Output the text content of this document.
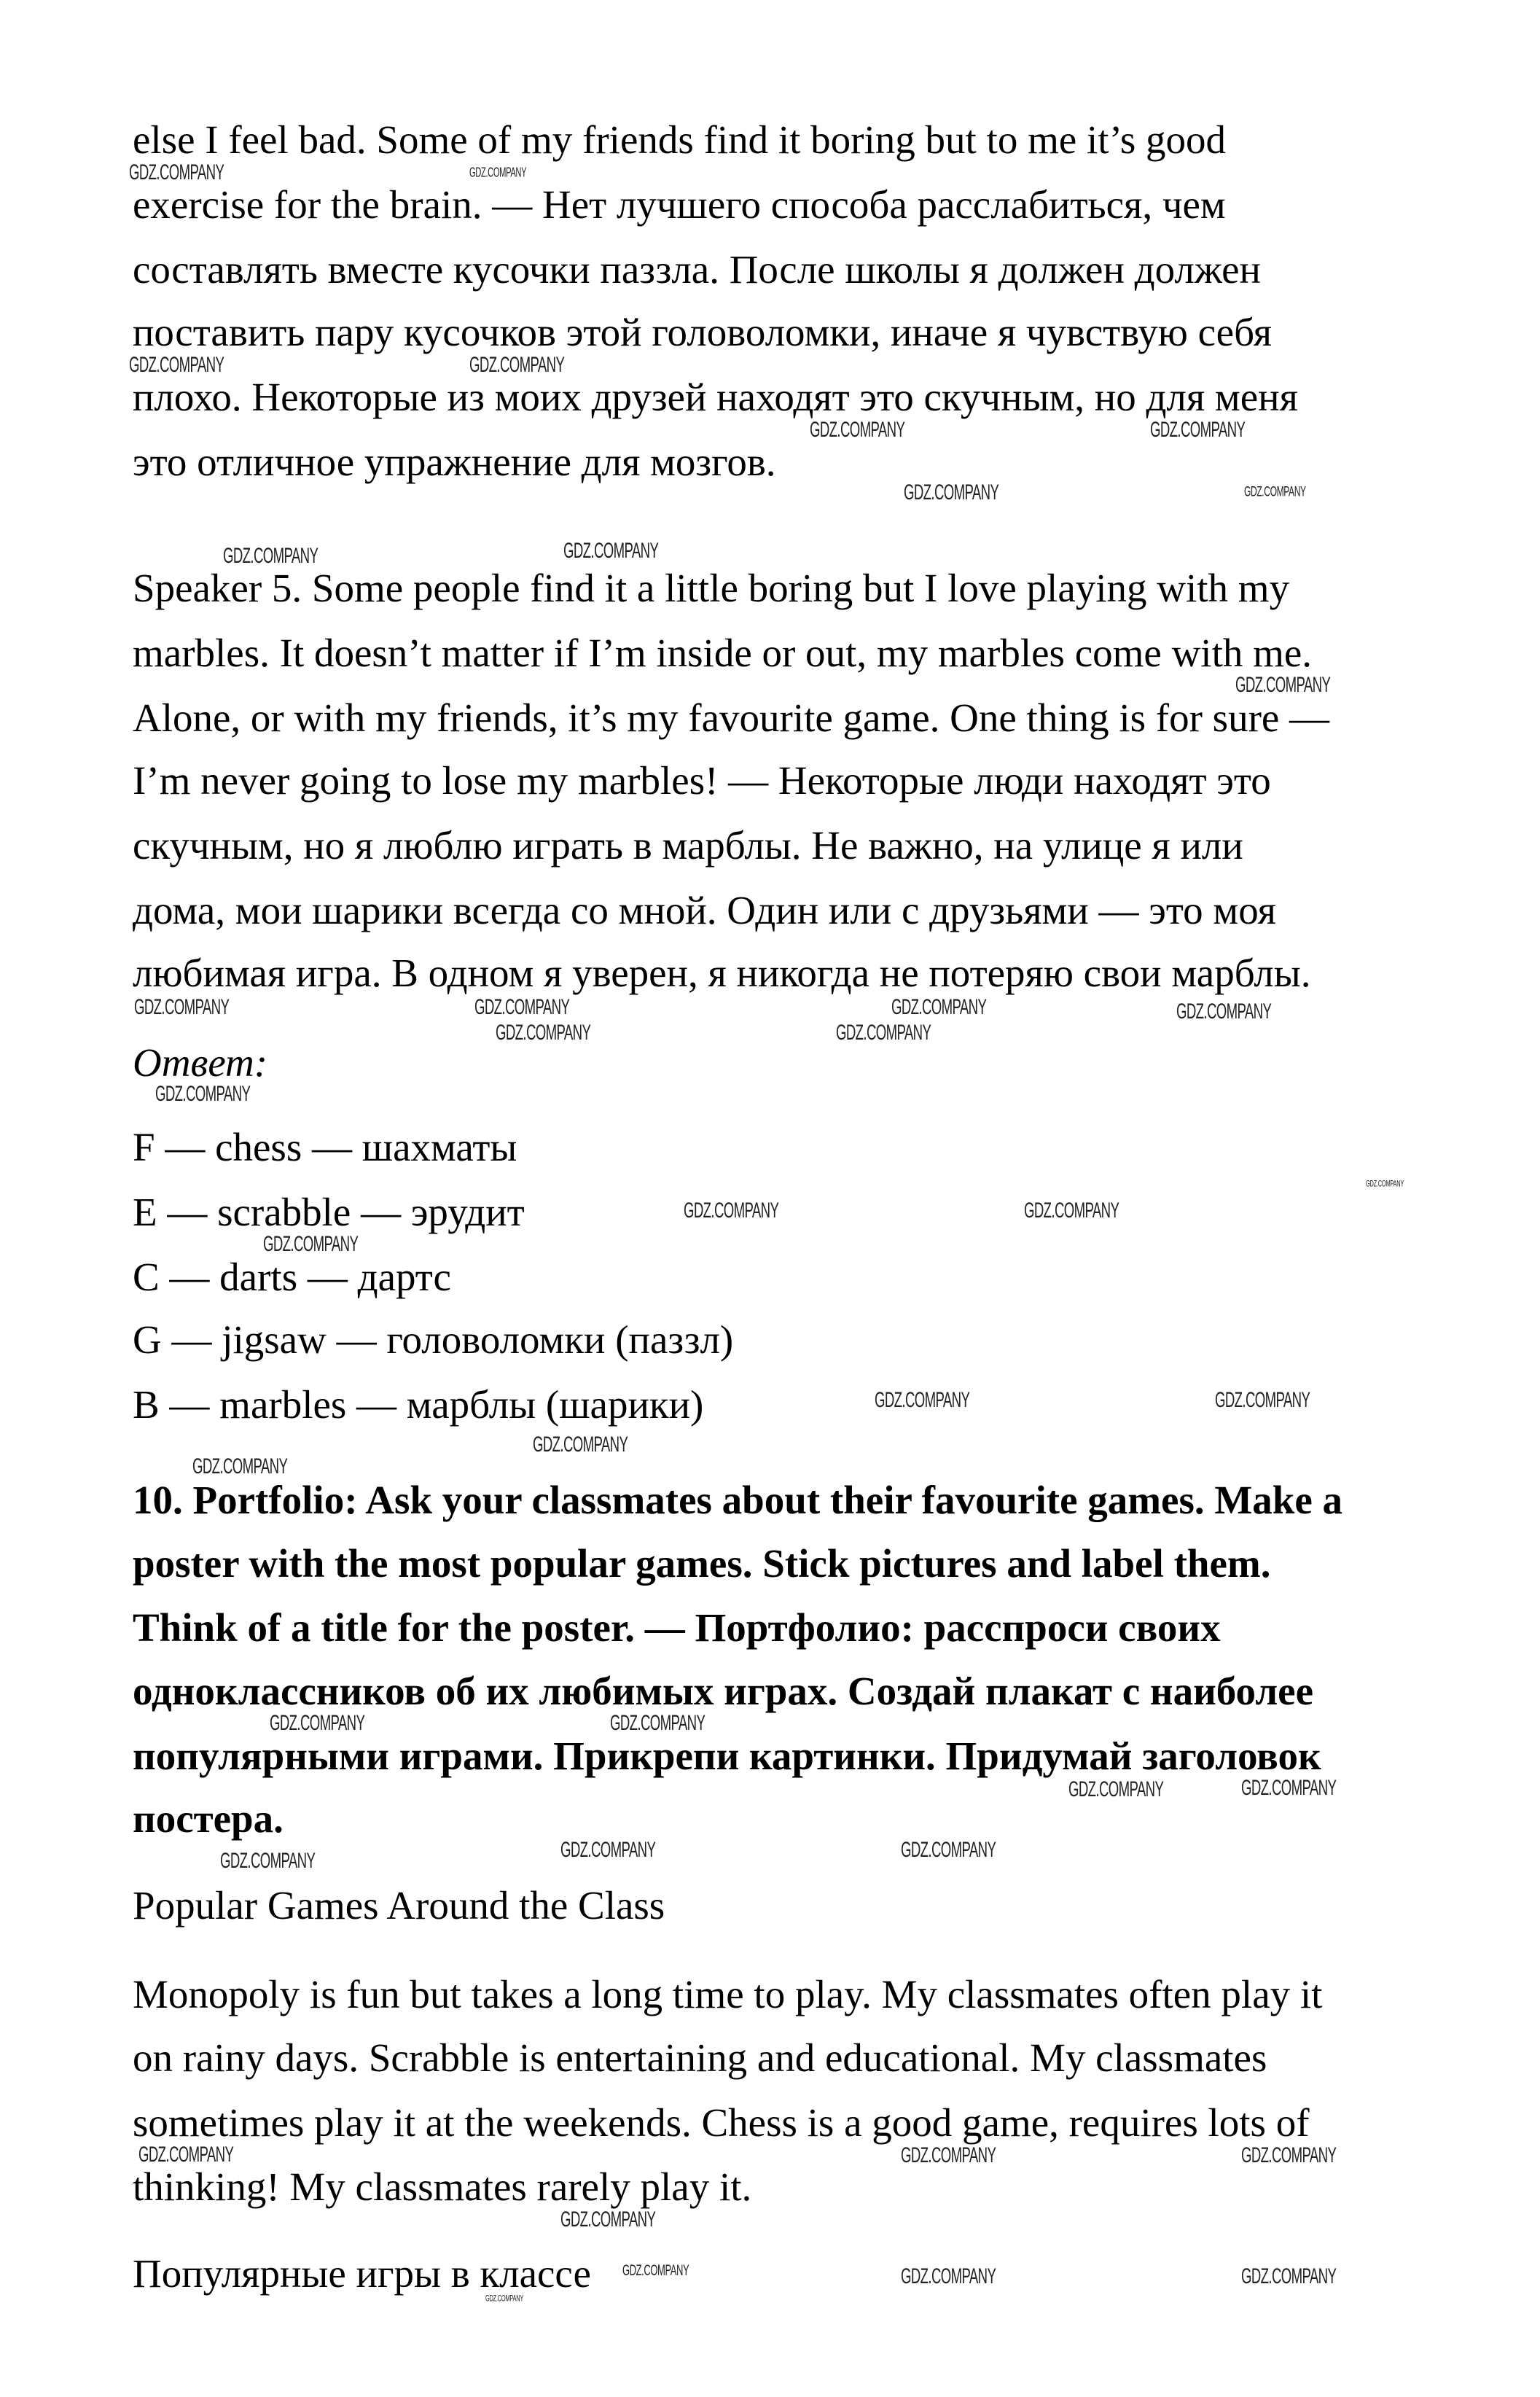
else I feel bad. Some of my friends find it boring but to me it’s good
exercise for the brain. — Нет лучшего способа расслабиться, чем
составлять вместе кусочки паззла. После школы я должен должен
поставить пару кусочков этой головоломки, иначе я чувствую себя
плохо. Некоторые из моих друзей находят это скучным, но для меня
это отличное упражнение для мозгов.
Speaker 5. Some people find it a little boring but I love playing with my
marbles. It doesn’t matter if I’m inside or out, my marbles come with me.
Alone, or with my friends, it’s my favourite game. One thing is for sure —
I’m never going to lose my marbles! — Некоторые люди находят это
скучным, но я люблю играть в марблы. Не важно, на улице я или
дома, мои шарики всегда со мной. Один или с друзьями — это моя
любимая игра. В одном я уверен, я никогда не потеряю свои марблы.
Ответ:
F — chess — шахматы
E — scrabble — эрудит
C — darts — дартс
G — jigsaw — головоломки (паззл)
B — marbles — марблы (шарики)
10. Portfolio: Ask your classmates about their favourite games. Make a
poster with the most popular games. Stick pictures and label them.
Think of a title for the poster. — Портфолио: расспроси своих
одноклассников об их любимых играх. Создай плакат с наиболее
популярными играми. Прикрепи картинки. Придумай заголовок
постера.
Popular Games Around the Class
Monopoly is fun but takes a long time to play. My classmates often play it
on rainy days. Scrabble is entertaining and educational. My classmates
sometimes play it at the weekends. Chess is a good game, requires lots of
thinking! My classmates rarely play it.
Популярные игры в классе
GDZ.COMPANY	GDZ.COMPANY
GDZ.COMPANY
GDZ.COMPANY
GDZ.COMPANY	GDZ.COMPANY
GDZ.COMPANY	GDZ.COMPANY
GDZ.COMPANY	GDZ.COMPANY
GDZ.COMPANY
GDZ.COMPANY	GDZ.COMPANY	GDZ.COMPANY
GDZ.COMPANY
GDZ.COMPANY	GDZ.COMPANY
GDZ.COMPANY
GDZ.COMPANY	GDZ.COMPANY
GDZ.COMPANY
GDZ.COMPANY
GDZ.COMPANY	GDZ.COMPANY
GDZ.COMPANY
GDZ.COMPANY
GDZ.COMPANY
GDZ.COMPANY	GDZ.COMPANY
GDZ.COMPANY
GDZ.COMPANY	GDZ.COMPANY	GDZ.COMPANY
GDZ.COMPANY
GDZ.COMPANY	GDZ.COMPANY
GDZ.COMPANY
GDZ.COMPANY	GDZ.COMPANY	GDZ.COMPANY
GDZ.COMPANY
